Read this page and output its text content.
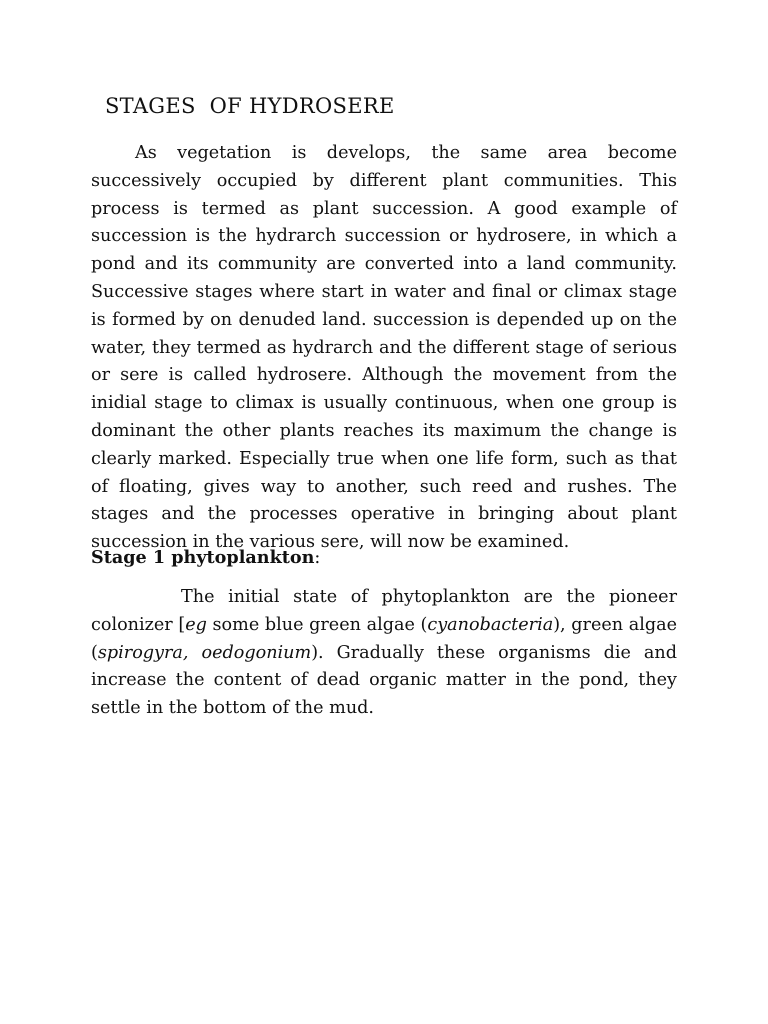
STAGES  OF HYDROSERE

As vegetation is develops, the same area become successively occupied by different plant communities. This process is termed as plant succession. A good example of succession is the hydrarch succession or hydrosere, in which a pond and its community are converted into a land community. Successive stages where start in water and final or climax stage is formed by on denuded land. succession is depended up on the water, they termed as hydrarch and the different stage of serious or sere is called hydrosere. Although the movement from the inidial stage to climax is usually continuous, when one group is dominant the other plants reaches its maximum the change is clearly marked. Especially true when one life form, such as that of floating, gives way to another, such reed and rushes. The stages and the processes operative in bringing about plant succession in the various sere, will now be examined.

Stage 1 phytoplankton:

The initial state of phytoplankton are the pioneer colonizer [eg some blue green algae (cyanobacteria), green algae (spirogyra, oedogonium). Gradually these organisms die and increase the content of dead organic matter in the pond, they settle in the bottom of the mud.
